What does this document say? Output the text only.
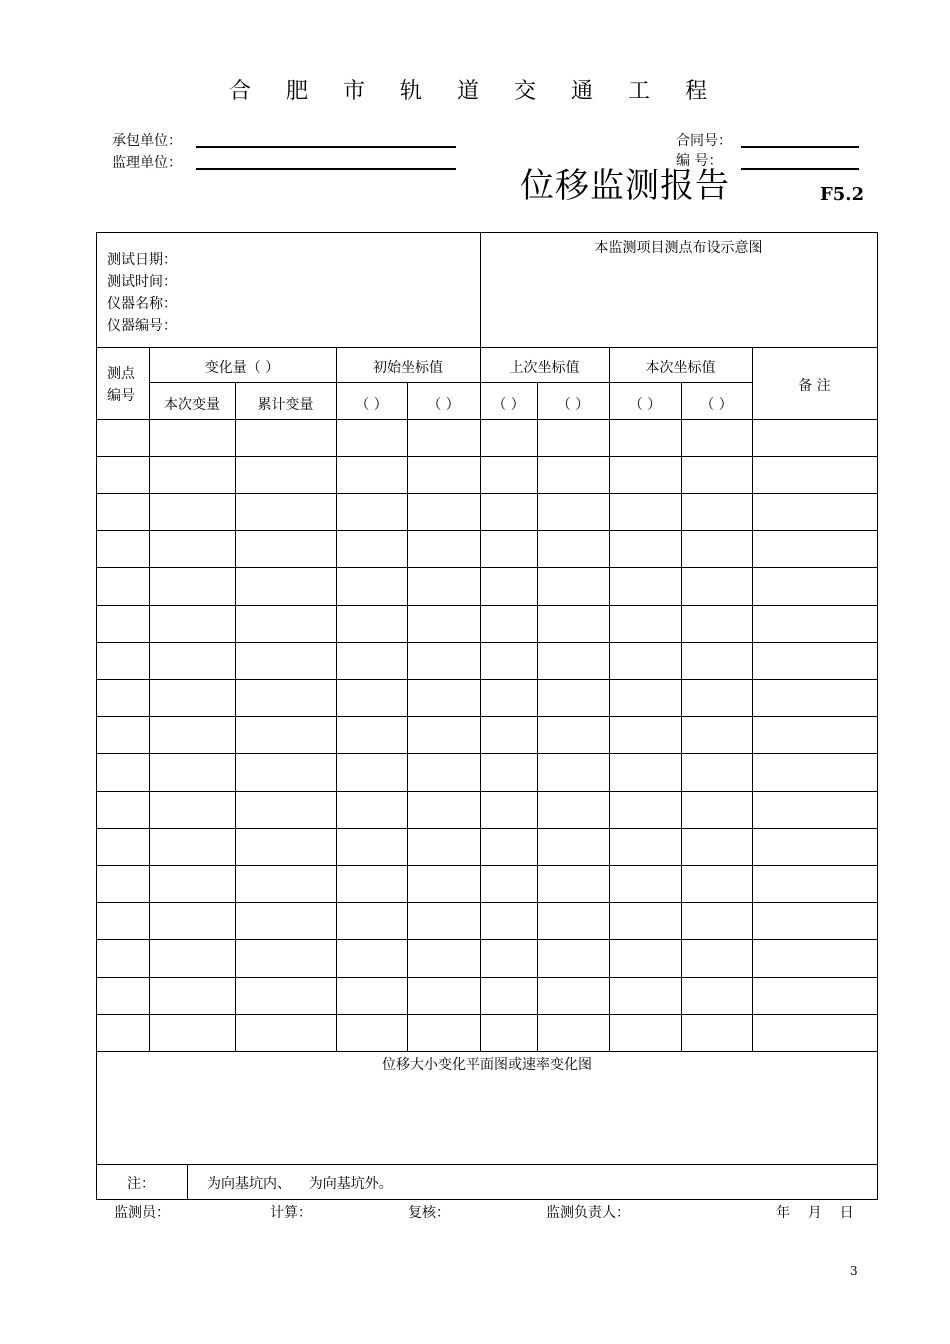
合 肥 市 轨 道 交 通 工 程
承包单位：
监理单位：
合同号：
编 号：
位移监测报告	F5.2
测试日期：
测试时间：
仪器名称：
仪器编号：
本监测项目测点布设示意图
测点
编号
变化量（ ）	初始坐标值	上次坐标值	本次坐标值
备 注
本次变量	累计变量	（ ）	（ ）	（ ）	（ ）	（ ）	（ ）
位移大小变化平面图或速率变化图
注：	为向基坑内、    为向基坑外。
监测员：	计算：	复核：	监测负责人：	年    月    日
3
